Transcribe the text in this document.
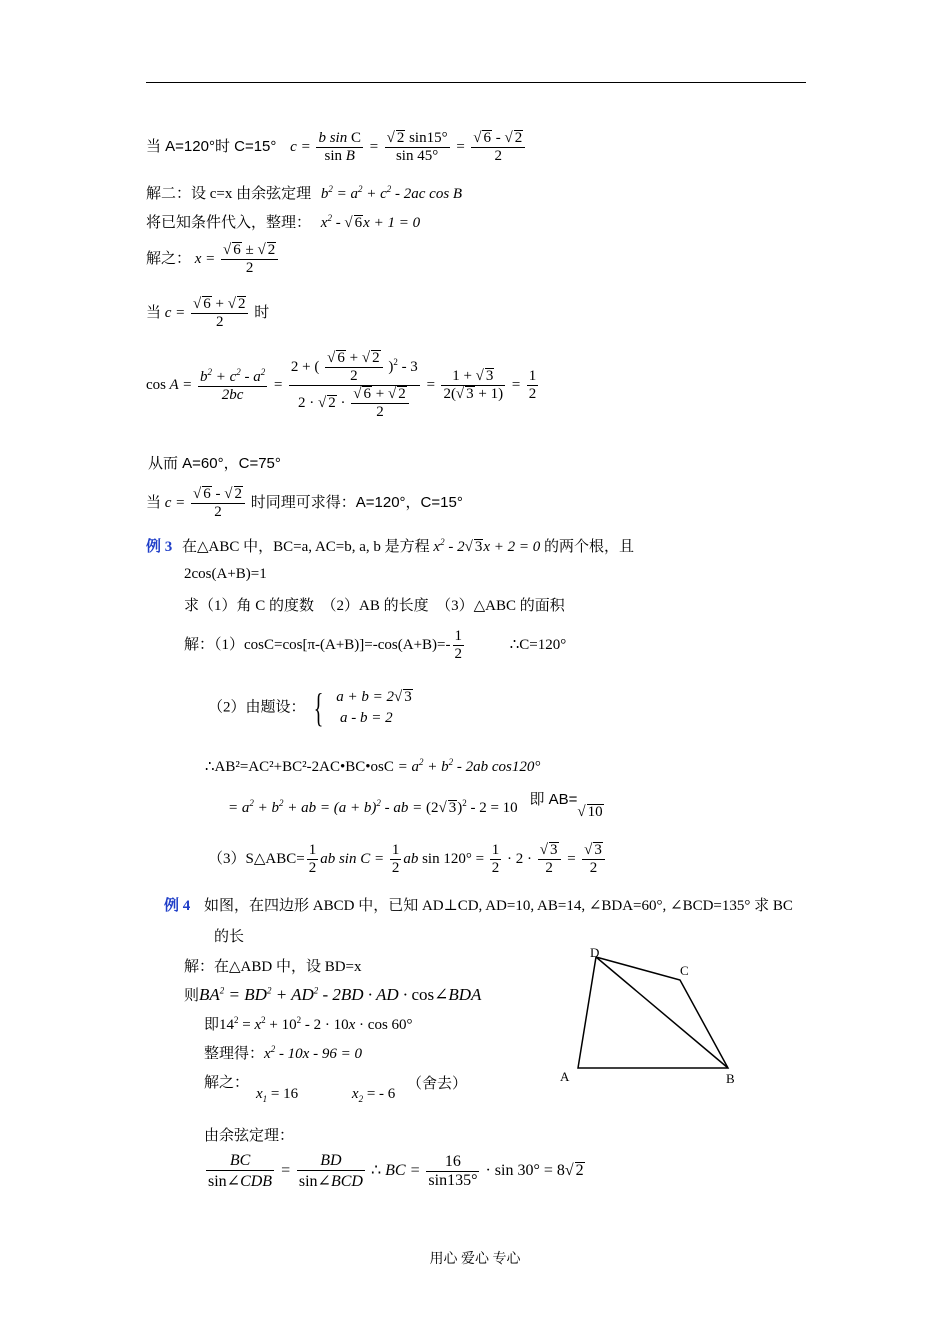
当 A=120°时 C=15° $c = \frac{\text{b sin C}}{\text{sin B}} = \frac{√ 2 \sin 15^\circ}{\sin 45^\circ} = \frac{√ 6 - √ 2}{2}$
解二：设 c=x 由余弦定理 $b^2 = a^2 + c^2 - 2ac$ cos B
将已知条件代入，整理： $x^2$ - √ 6x + 1 = 0
解之： $x = \frac{√ 6 \pm √ 2}{2}$
当 $c = \frac{√ 6 + √ 2}{2}$ 时
$\cos A = \frac{b^2 + c^2 - a^2}{2bc} = \frac{2 + ( \frac{√ 6 + √ 2}{2} )^2 - 3}{2 \cdot √ 2 \cdot \frac{√ 6 + √ 2}{2}} = \frac{1 + √ 3}{2(√ 3 + 1)} = \frac{1}{2}$
从而 A=60°，C=75°
当 $c = \frac{√ 6 - √ 2}{2}$ 时同理可求得：A=120°，C=15°
例 3 在△ABC 中，BC=a, AC=b, a, b 是方程 $x^2 - 2√$ 3x + 2 = 0 的两个根，且
2cos(A+B)=1
求（1）角 C 的度数　（2）AB 的长度　（3）△ABC 的面积
解：$(1)\cos C=\cos[\pi-(A+B)]=-\cos(A+B)=- \frac{1}{2}$	∴C=120°
（2）由题设： { a + b = 2√ 3
a - b = 2
∴AB²=AC²+BC²-2AC•BC•osC = $a^2 + b^2 - 2ab$ cos120°
= $a^2 + b^2$ + ab = $(a + b)^2$ - ab = (2√ 3)$^2$ - 2 = 10 即 AB=√ 10
（3）S△ABC= $\frac{1}{2}$ ab $\sin C = \frac{1}{2}$ ab $\sin 120^\circ = \frac{1}{2} \cdot 2 \cdot \frac{√ 3}{2} = \frac{√ 3}{2}$
例 4 如图，在四边形 ABCD 中，已知 AD⊥CD, AD=10, AB=14, ∠BDA=60°, ∠BCD=135° 求 BC
的长
解：在△ABD 中，设 BD=x
则$BA^2 = BD^2 + AD^2 - 2BD$ · AD · cos∠BDA
即$14^2 = x^2 + 10^2 - 2 \cdot 10x \cdot \cos 60^\circ$
整理得：$x^2 - 10x - 96 = 0$
解之：
$x_1 = 16$	$x_2$ = - 6 （舍去）
由余弦定理：
$\frac{BC}{\text{sin∠CDB}} = \frac{BD}{\text{sin∠BCD}}$ ∴ BC = $\frac{16}{\sin 135^\circ} \cdot \sin 30^\circ = 8√$ 2
D
C
A	B
用心 爱心 专心
